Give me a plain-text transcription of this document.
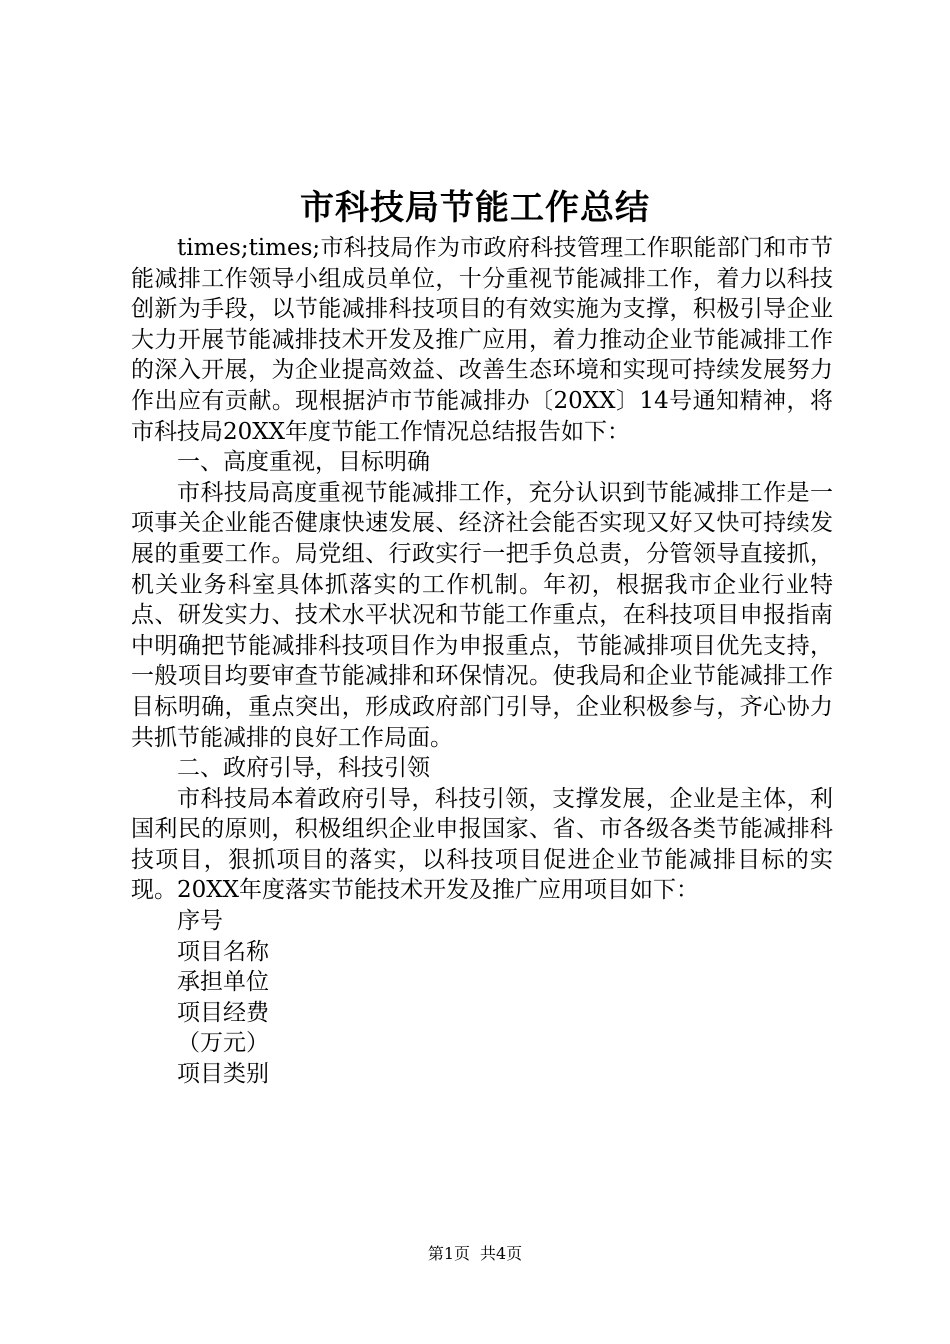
市科技局节能工作总结

times;times;市科技局作为市政府科技管理工作职能部门和市节能减排工作领导小组成员单位，十分重视节能减排工作，着力以科技创新为手段，以节能减排科技项目的有效实施为支撑，积极引导企业大力开展节能减排技术开发及推广应用，着力推动企业节能减排工作的深入开展，为企业提高效益、改善生态环境和实现可持续发展努力作出应有贡献。现根据泸市节能减排办〔20XX〕14号通知精神，将市科技局20XX年度节能工作情况总结报告如下：

一、高度重视，目标明确

市科技局高度重视节能减排工作，充分认识到节能减排工作是一项事关企业能否健康快速发展、经济社会能否实现又好又快可持续发展的重要工作。局党组、行政实行一把手负总责，分管领导直接抓，机关业务科室具体抓落实的工作机制。年初，根据我市企业行业特点、研发实力、技术水平状况和节能工作重点，在科技项目申报指南中明确把节能减排科技项目作为申报重点，节能减排项目优先支持，一般项目均要审查节能减排和环保情况。使我局和企业节能减排工作目标明确，重点突出，形成政府部门引导，企业积极参与，齐心协力共抓节能减排的良好工作局面。

二、政府引导，科技引领

市科技局本着政府引导，科技引领，支撑发展，企业是主体，利国利民的原则，积极组织企业申报国家、省、市各级各类节能减排科技项目，狠抓项目的落实，以科技项目促进企业节能减排目标的实现。20XX年度落实节能技术开发及推广应用项目如下：

序号

项目名称

承担单位

项目经费

（万元）

项目类别

第1页 共4页
